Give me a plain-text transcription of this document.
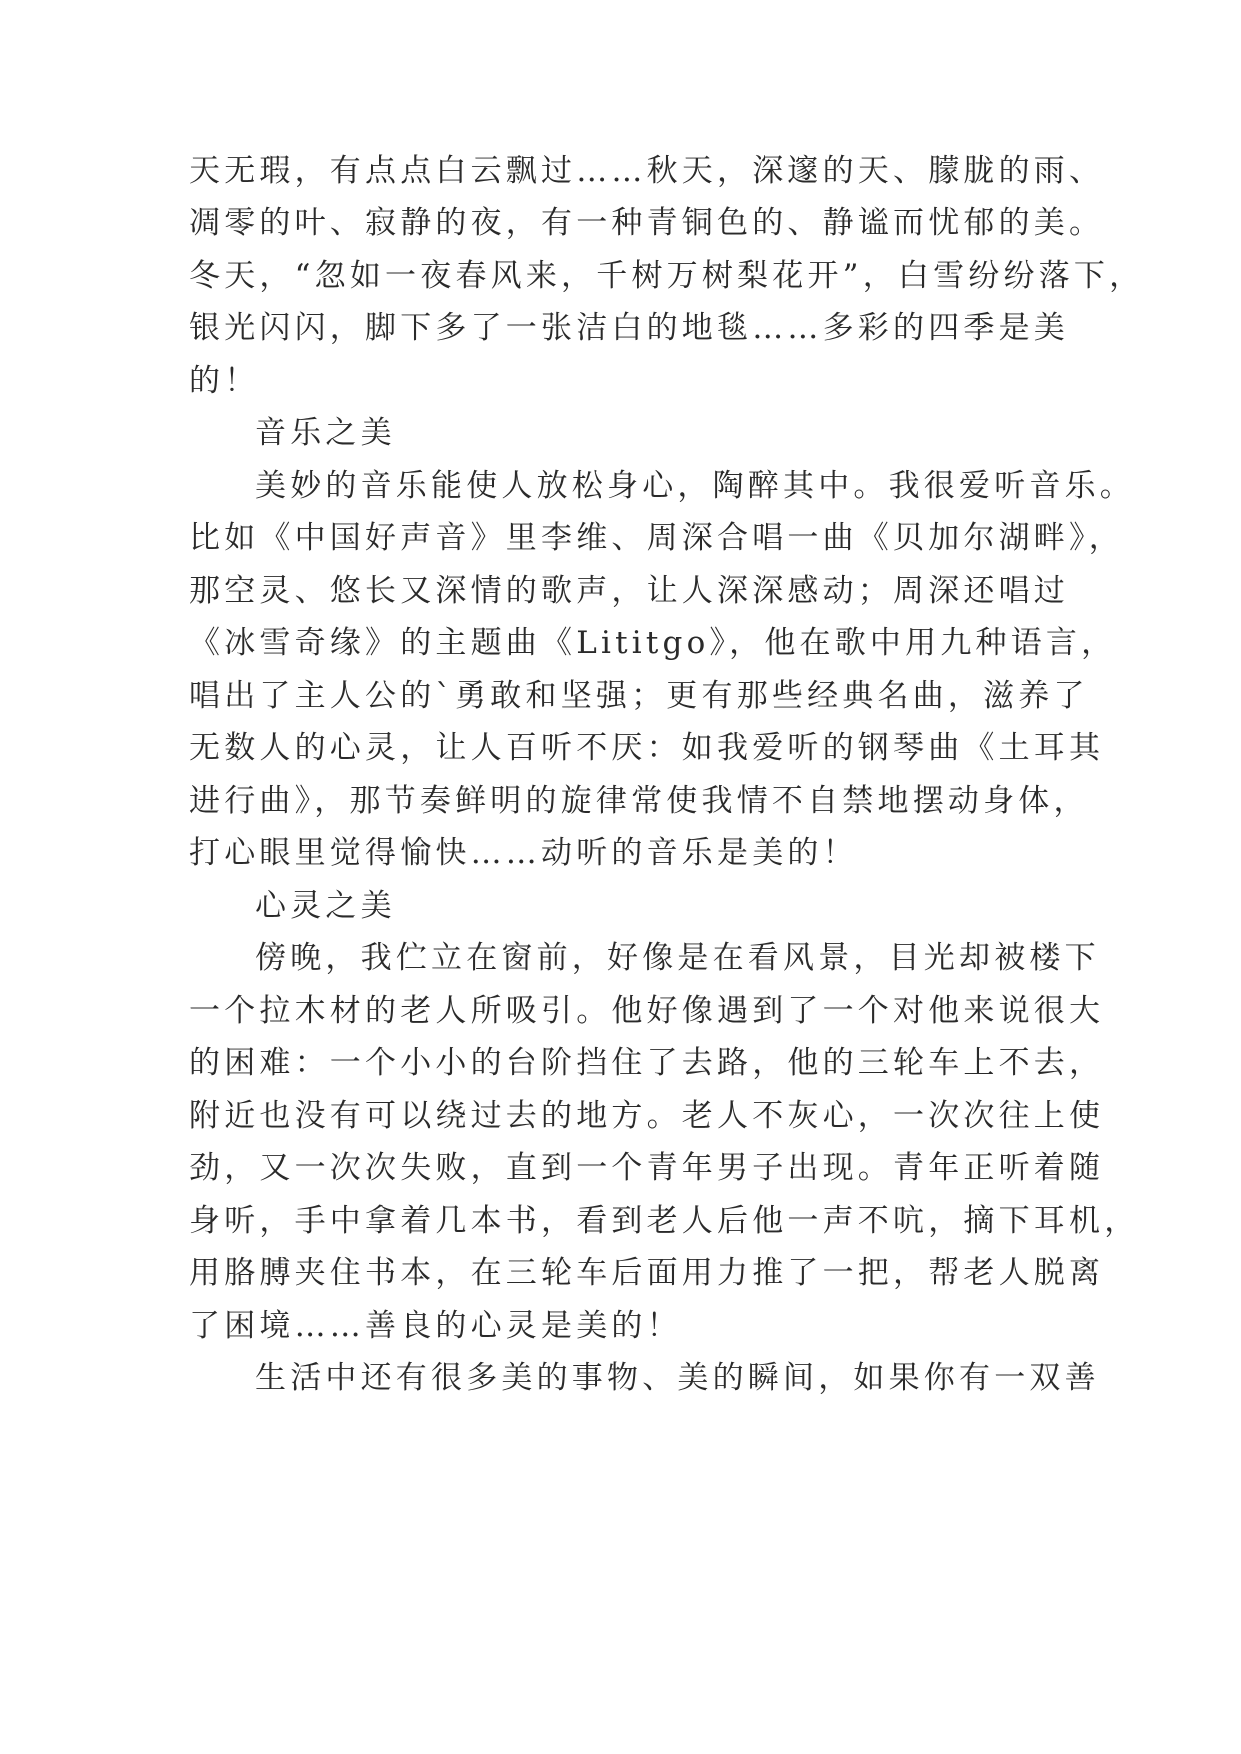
天无瑕，有点点白云飘过……秋天，深邃的天、朦胧的雨、
凋零的叶、寂静的夜，有一种青铜色的、静谧而忧郁的美。
冬天，“忽如一夜春风来，千树万树梨花开”，白雪纷纷落下，
银光闪闪，脚下多了一张洁白的地毯……多彩的四季是美
的！
音乐之美
美妙的音乐能使人放松身心，陶醉其中。我很爱听音乐。
比如《中国好声音》里李维、周深合唱一曲《贝加尔湖畔》，
那空灵、悠长又深情的歌声，让人深深感动；周深还唱过
《冰雪奇缘》的主题曲《Lititgo》，他在歌中用九种语言，
唱出了主人公的`勇敢和坚强；更有那些经典名曲，滋养了
无数人的心灵，让人百听不厌：如我爱听的钢琴曲《土耳其
进行曲》，那节奏鲜明的旋律常使我情不自禁地摆动身体，
打心眼里觉得愉快……动听的音乐是美的！
心灵之美
傍晚，我伫立在窗前，好像是在看风景，目光却被楼下
一个拉木材的老人所吸引。他好像遇到了一个对他来说很大
的困难：一个小小的台阶挡住了去路，他的三轮车上不去，
附近也没有可以绕过去的地方。老人不灰心，一次次往上使
劲，又一次次失败，直到一个青年男子出现。青年正听着随
身听，手中拿着几本书，看到老人后他一声不吭，摘下耳机，
用胳膊夹住书本，在三轮车后面用力推了一把，帮老人脱离
了困境……善良的心灵是美的！
生活中还有很多美的事物、美的瞬间，如果你有一双善
